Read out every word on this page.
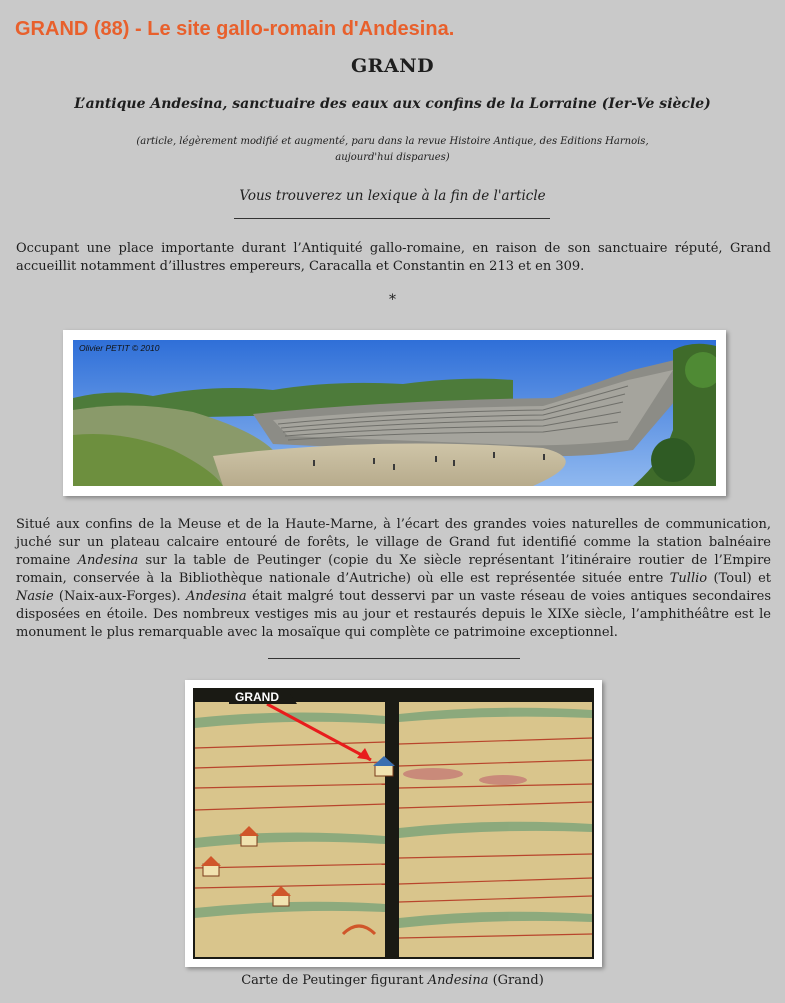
GRAND (88) - Le site gallo-romain d'Andesina.
GRAND
L’antique Andesina, sanctuaire des eaux aux confins de la Lorraine (Ier-Ve siècle)
(article, légèrement modifié et augmenté, paru dans la revue Histoire Antique, des Editions Harnois,
aujourd'hui disparues)
Vous trouverez un lexique à la fin de l'article

Occupant une place importante durant l’Antiquité gallo-romaine, en raison de son sanctuaire réputé, Grand accueillit notamment d’illustres empereurs, Caracalla et Constantin en 213 et en 309.

*
Olivier PETIT © 2010

Situé aux confins de la Meuse et de la Haute-Marne, à l’écart des grandes voies naturelles de communication, juché sur un plateau calcaire entouré de forêts, le village de Grand fut identifié comme la station balnéaire romaine Andesina sur la table de Peutinger (copie du Xe siècle représentant l’itinéraire routier de l’Empire romain, conservée à la Bibliothèque nationale d’Autriche) où elle est représentée située entre Tullio (Toul) et Nasie (Naix-aux-Forges). Andesina était malgré tout desservi par un vaste réseau de voies antiques secondaires disposées en étoile. Des nombreux vestiges mis au jour et restaurés depuis le XIXe siècle, l’amphithéâtre est le monument le plus remarquable avec la mosaïque qui complète ce patrimoine exceptionnel.

GRAND
Carte de Peutinger figurant Andesina (Grand)
